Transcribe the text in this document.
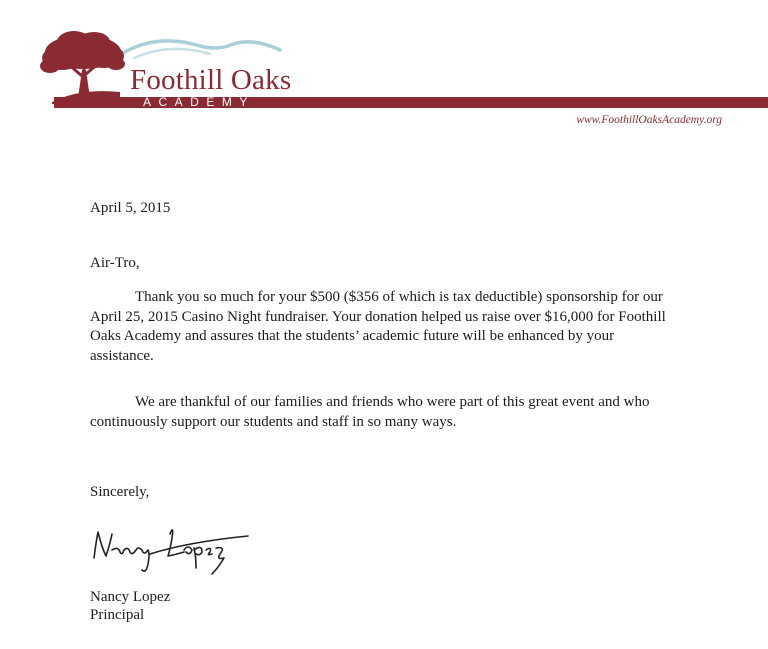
Foothill Oaks
ACADEMY
www.FoothillOaksAcademy.org
April 5, 2015
Air-Tro,

Thank you so much for your $500 ($356 of which is tax deductible) sponsorship for our April 25, 2015 Casino Night fundraiser. Your donation helped us raise over $16,000 for Foothill Oaks Academy and assures that the students’ academic future will be enhanced by your assistance.

We are thankful of our families and friends who were part of this great event and who continuously support our students and staff in so many ways.

Sincerely,
Nancy Lopez
Principal
